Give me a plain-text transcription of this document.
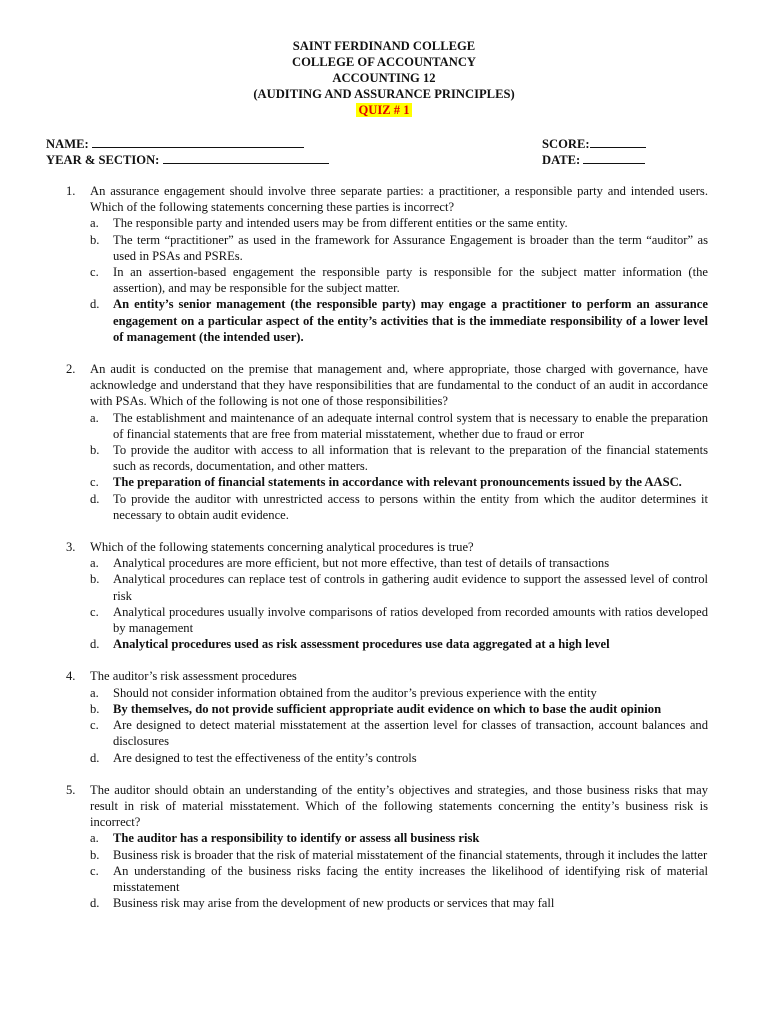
SAINT FERDINAND COLLEGE
COLLEGE OF ACCOUNTANCY
ACCOUNTING 12
(AUDITING AND ASSURANCE PRINCIPLES)
QUIZ # 1
NAME:	SCORE:
YEAR & SECTION:	DATE:
1. An assurance engagement should involve three separate parties: a practitioner, a responsible party and intended users. Which of the following statements concerning these parties is incorrect?
a. The responsible party and intended users may be from different entities or the same entity.
b. The term “practitioner” as used in the framework for Assurance Engagement is broader than the term “auditor” as used in PSAs and PSREs.
c. In an assertion-based engagement the responsible party is responsible for the subject matter information (the assertion), and may be responsible for the subject matter.
d. An entity’s senior management (the responsible party) may engage a practitioner to perform an assurance engagement on a particular aspect of the entity’s activities that is the immediate responsibility of a lower level of management (the intended user).
2. An audit is conducted on the premise that management and, where appropriate, those charged with governance, have acknowledge and understand that they have responsibilities that are fundamental to the conduct of an audit in accordance with PSAs. Which of the following is not one of those responsibilities?
a. The establishment and maintenance of an adequate internal control system that is necessary to enable the preparation of financial statements that are free from material misstatement, whether due to fraud or error
b. To provide the auditor with access to all information that is relevant to the preparation of the financial statements such as records, documentation, and other matters.
c. The preparation of financial statements in accordance with relevant pronouncements issued by the AASC.
d. To provide the auditor with unrestricted access to persons within the entity from which the auditor determines it necessary to obtain audit evidence.
3. Which of the following statements concerning analytical procedures is true?
a. Analytical procedures are more efficient, but not more effective, than test of details of transactions
b. Analytical procedures can replace test of controls in gathering audit evidence to support the assessed level of control risk
c. Analytical procedures usually involve comparisons of ratios developed from recorded amounts with ratios developed by management
d. Analytical procedures used as risk assessment procedures use data aggregated at a high level
4. The auditor’s risk assessment procedures
a. Should not consider information obtained from the auditor’s previous experience with the entity
b. By themselves, do not provide sufficient appropriate audit evidence on which to base the audit opinion
c. Are designed to detect material misstatement at the assertion level for classes of transaction, account balances and disclosures
d. Are designed to test the effectiveness of the entity’s controls
5. The auditor should obtain an understanding of the entity’s objectives and strategies, and those business risks that may result in risk of material misstatement. Which of the following statements concerning the entity’s business risk is incorrect?
a. The auditor has a responsibility to identify or assess all business risk
b. Business risk is broader that the risk of material misstatement of the financial statements, through it includes the latter
c. An understanding of the business risks facing the entity increases the likelihood of identifying risk of material misstatement
d. Business risk may arise from the development of new products or services that may fall
